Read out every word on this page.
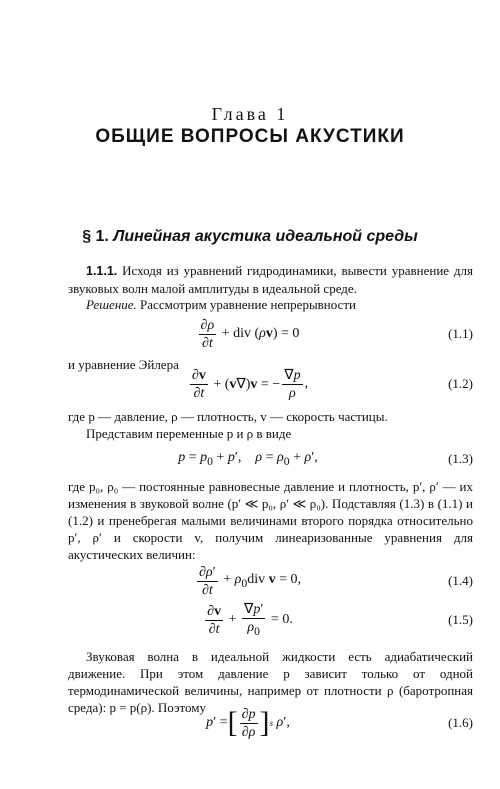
Глава 1
ОБЩИЕ ВОПРОСЫ АКУСТИКИ
§ 1. Линейная акустика идеальной среды
1.1.1. Исходя из уравнений гидродинамики, вывести уравнение для звуковых волн малой амплитуды в идеальной среде.
Решение. Рассмотрим уравнение непрерывности
$\frac{\partial\rho}{\partial t}$ + div (ρv) = 0	(1.1)
и уравнение Эйлера
$\frac{\partial v}{\partial t} + (v\nabla)v$ = − $\frac{\nabla p}{\rho}$ ,	(1.2)
где p — давление, ρ — плотность, v — скорость частицы.
Представим переменные p и ρ в виде
$p = p_0 + p'$,    $\rho = \rho_0 + \rho'$,	(1.3)
где p₀, ρ₀ — постоянные равновесные давление и плотность, p′, ρ′ — их изменения в звуковой волне (p′ ≪ p₀, ρ′ ≪ ρ₀). Подставляя (1.3) в (1.1) и (1.2) и пренебрегая малыми величинами второго порядка относительно p′, ρ′ и скорости v, получим линеаризованные уравнения для акустических величин:
$\frac{\partial\rho'}{\partial t} + \rho_0div$ v = 0,	(1.4)
$\frac{\partial v}{\partial t} + \frac{\nabla p'}{\rho_0} = 0$.	(1.5)
Звуковая волна в идеальной жидкости есть адиабатический движение. При этом давление p зависит только от одной термодинамической величины, например от плотности ρ (баротропная среда): p = p(ρ). Поэтому
p′ = [ $\frac{\partial p}{\partial\rho}$ ] s ρ′,	(1.6)
